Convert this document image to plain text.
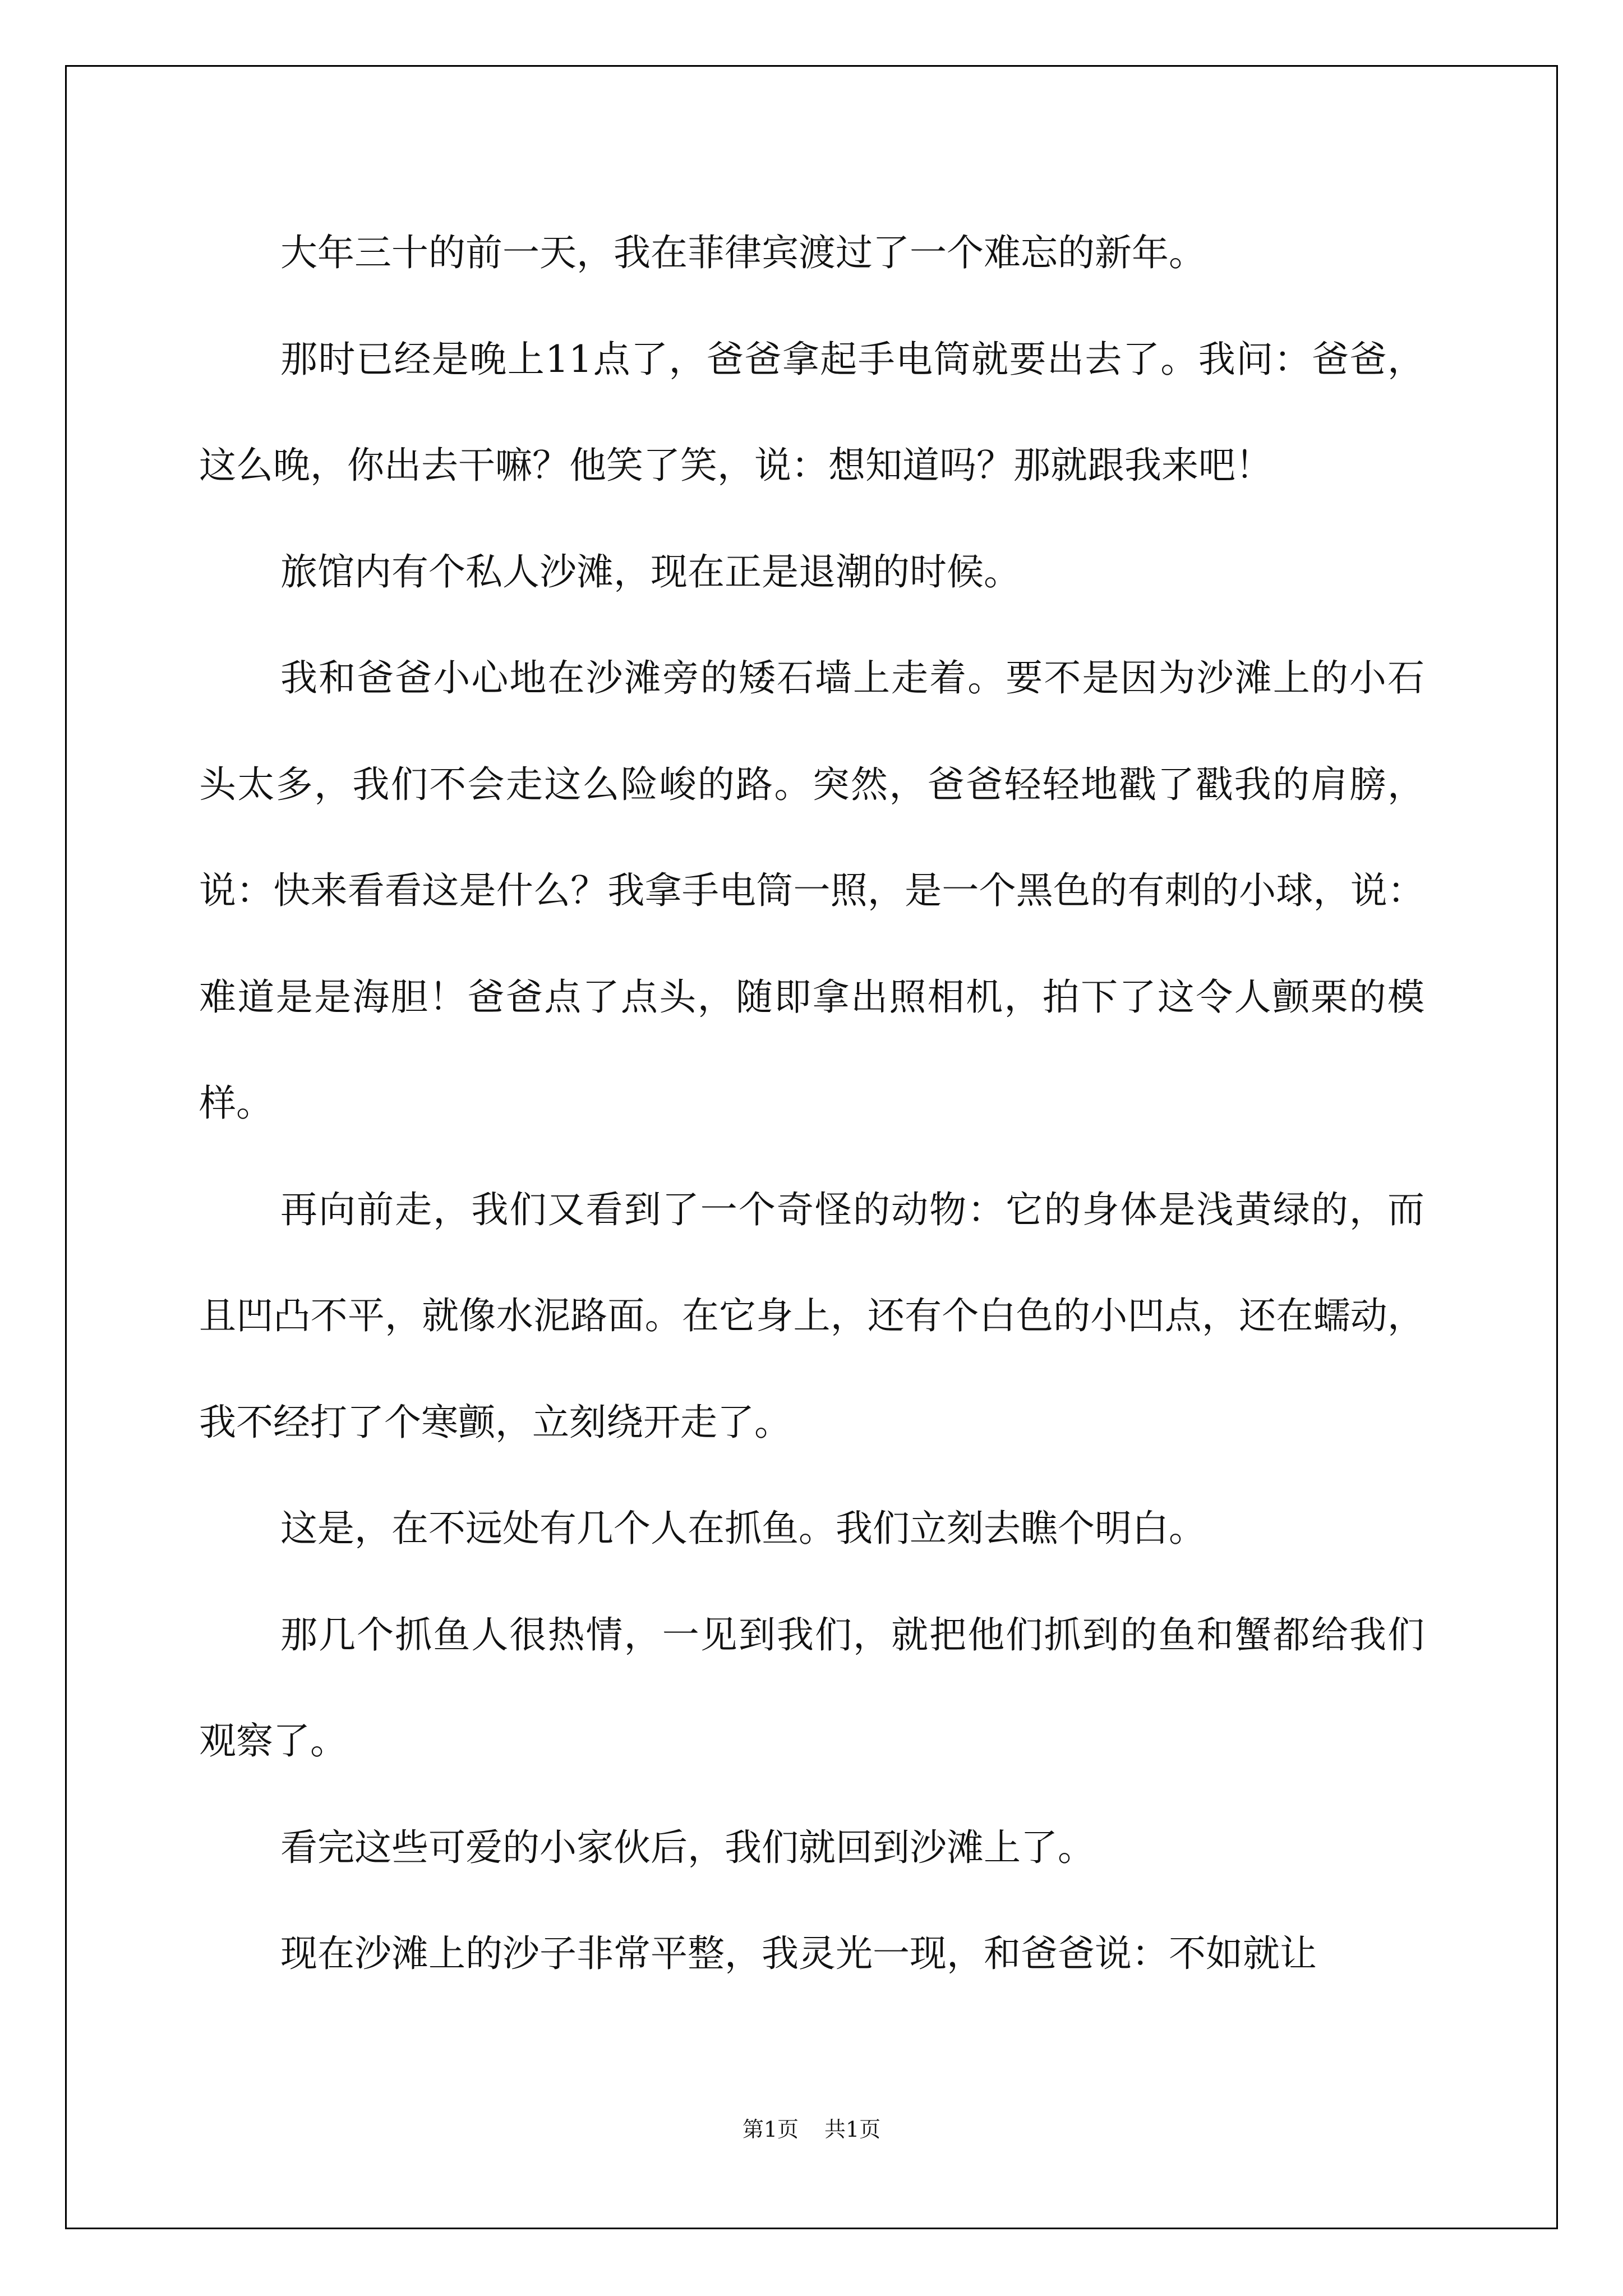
大年三十的前一天，我在菲律宾渡过了一个难忘的新年。

那时已经是晚上11点了，爸爸拿起手电筒就要出去了。我问：爸爸，这么晚，你出去干嘛？他笑了笑，说：想知道吗？那就跟我来吧！

旅馆内有个私人沙滩，现在正是退潮的时候。

我和爸爸小心地在沙滩旁的矮石墙上走着。要不是因为沙滩上的小石头太多，我们不会走这么险峻的路。突然，爸爸轻轻地戳了戳我的肩膀，说：快来看看这是什么？我拿手电筒一照，是一个黑色的有刺的小球，说：难道是是海胆！爸爸点了点头，随即拿出照相机，拍下了这令人颤栗的模样。

再向前走，我们又看到了一个奇怪的动物：它的身体是浅黄绿的，而且凹凸不平，就像水泥路面。在它身上，还有个白色的小凹点，还在蠕动，我不经打了个寒颤，立刻绕开走了。

这是，在不远处有几个人在抓鱼。我们立刻去瞧个明白。

那几个抓鱼人很热情，一见到我们，就把他们抓到的鱼和蟹都给我们观察了。

看完这些可爱的小家伙后，我们就回到沙滩上了。

现在沙滩上的沙子非常平整，我灵光一现，和爸爸说：不如就让

第1页 共1页
